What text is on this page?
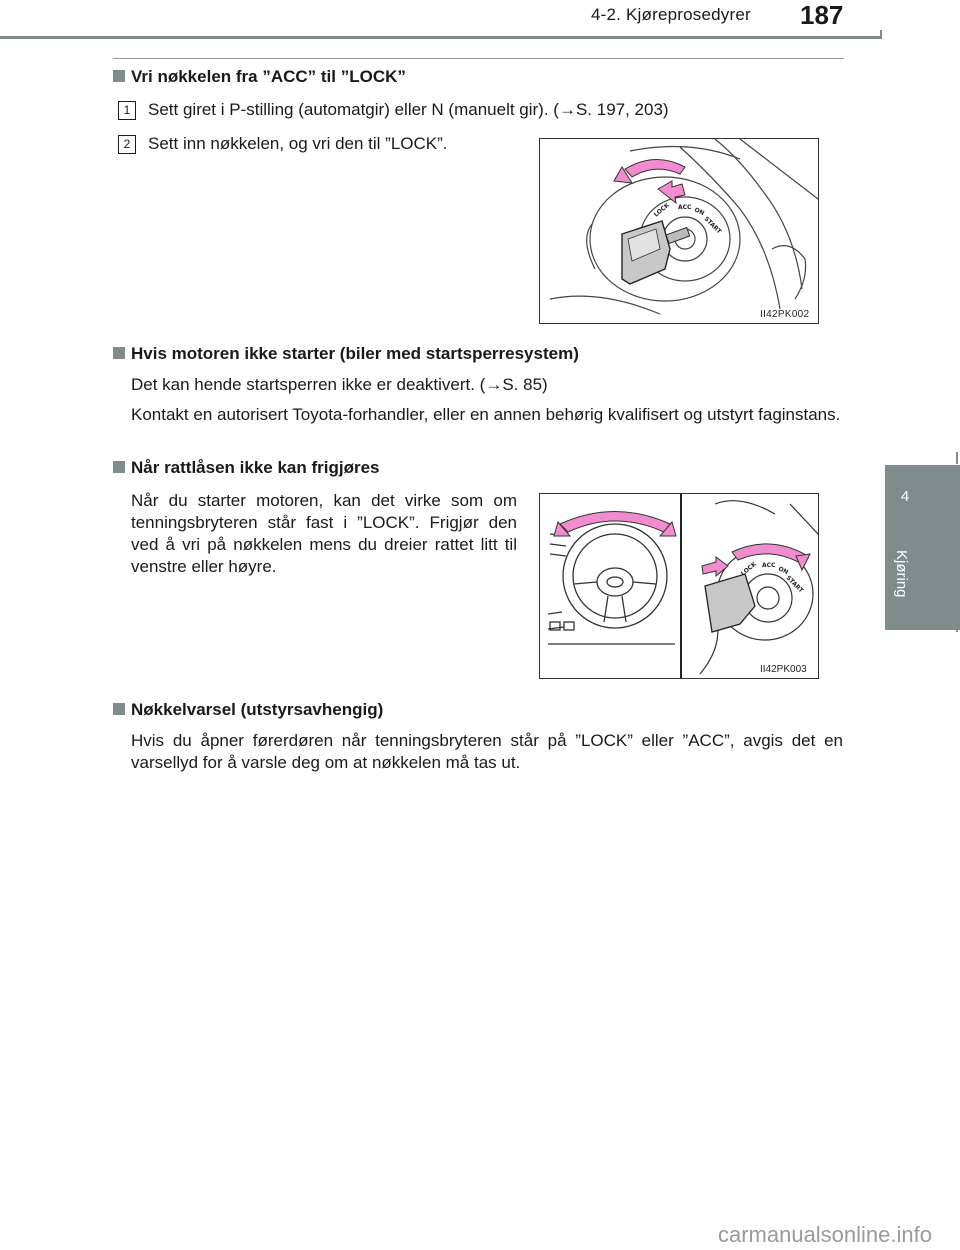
4-2. Kjøreprosedyrer 187
4
Kjøring
Vri nøkkelen fra ”ACC” til ”LOCK”
1	Sett giret i P-stilling (automatgir) eller N (manuelt gir). (→S. 197, 203)
2	Sett inn nøkkelen, og vri den til ”LOCK”.
LOCK ACC ON
START
II42PK002
Hvis motoren ikke starter (biler med startsperresystem)
Det kan hende startsperren ikke er deaktivert. (→S. 85)
Kontakt en autorisert Toyota-forhandler, eller en annen behørig kvalifisert og utstyrt faginstans.
Når rattlåsen ikke kan frigjøres
Når du starter motoren, kan det virke som om tenningsbryteren står fast i ”LOCK”. Frigjør den ved å vri på nøkkelen mens du dreier rattet litt til venstre eller høyre.	LOCK ACC ON
START
II42PK003
Nøkkelvarsel (utstyrsavhengig)
Hvis du åpner førerdøren når tenningsbryteren står på ”LOCK” eller ”ACC”, avgis det en varsellyd for å varsle deg om at nøkkelen må tas ut.
carmanualsonline.info
